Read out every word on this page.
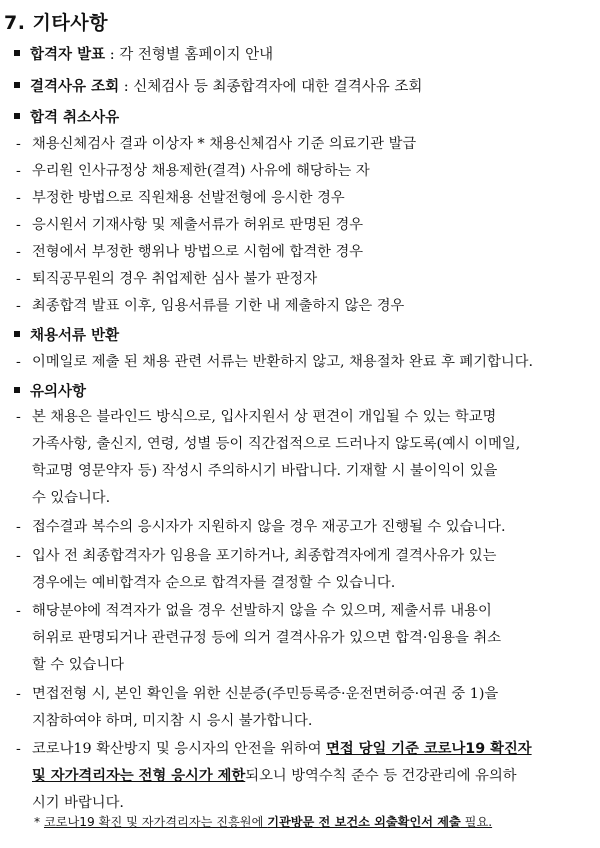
7. 기타사항
합격자 발표 : 각 전형별 홈페이지 안내
결격사유 조회 : 신체검사 등 최종합격자에 대한 결격사유 조회
합격 취소사유
- 채용신체검사 결과 이상자 * 채용신체검사 기준 의료기관 발급
- 우리원 인사규정상 채용제한(결격) 사유에 해당하는 자
- 부정한 방법으로 직원채용 선발전형에 응시한 경우
- 응시원서 기재사항 및 제출서류가 허위로 판명된 경우
- 전형에서 부정한 행위나 방법으로 시험에 합격한 경우
- 퇴직공무원의 경우 취업제한 심사 불가 판정자
- 최종합격 발표 이후, 임용서류를 기한 내 제출하지 않은 경우
채용서류 반환
- 이메일로 제출 된 채용 관련 서류는 반환하지 않고, 채용절차 완료 후 폐기합니다.
유의사항
- 본 채용은 블라인드 방식으로, 입사지원서 상 편견이 개입될 수 있는 학교명
가족사항, 출신지, 연령, 성별 등이 직간접적으로 드러나지 않도록(예시 이메일,
학교명 영문약자 등) 작성시 주의하시기 바랍니다. 기재할 시 불이익이 있을
수 있습니다.
- 접수결과 복수의 응시자가 지원하지 않을 경우 재공고가 진행될 수 있습니다.
- 입사 전 최종합격자가 임용을 포기하거나, 최종합격자에게 결격사유가 있는
경우에는 예비합격자 순으로 합격자를 결정할 수 있습니다.
- 해당분야에 적격자가 없을 경우 선발하지 않을 수 있으며, 제출서류 내용이
허위로 판명되거나 관련규정 등에 의거 결격사유가 있으면 합격·임용을 취소
할 수 있습니다
- 면접전형 시, 본인 확인을 위한 신분증(주민등록증·운전면허증·여권 중 1)을
지참하여야 하며, 미지참 시 응시 불가합니다.
- 코로나19 확산방지 및 응시자의 안전을 위하여 면접 당일 기준 코로나19 확진자
및 자가격리자는 전형 응시가 제한되오니 방역수칙 준수 등 건강관리에 유의하
시기 바랍니다.
* 코로나19 확진 및 자가격리자는 진흥원에 기관방문 전 보건소 외출확인서 제출 필요.
